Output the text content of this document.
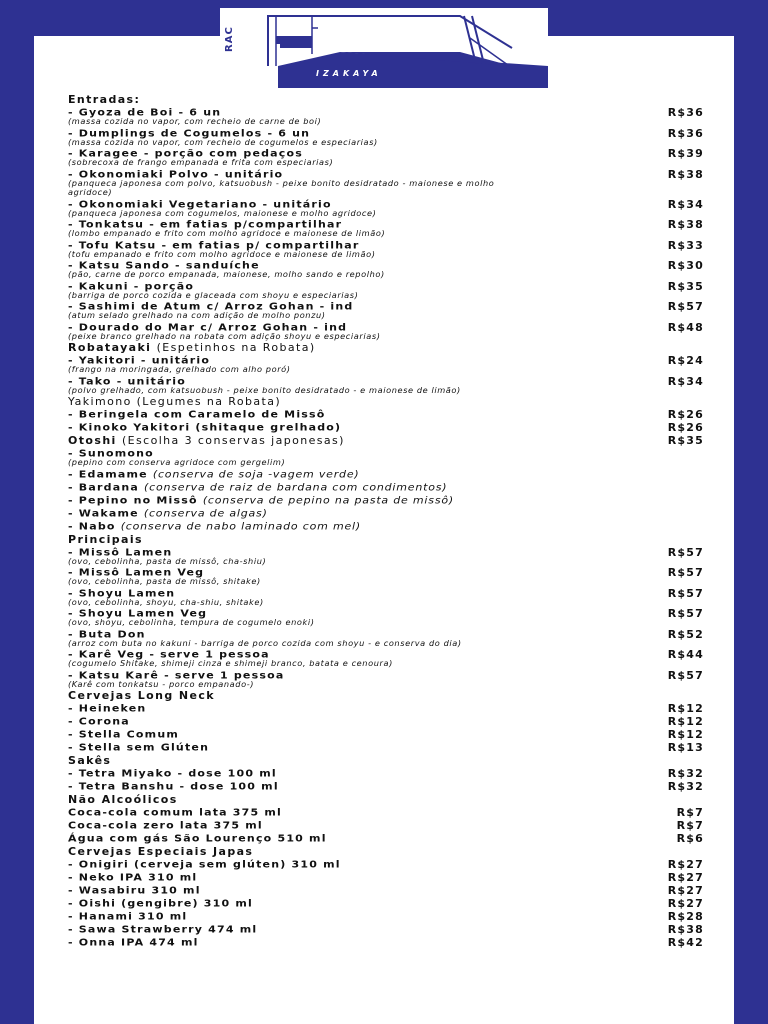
IZAKAYA
RAC
Entradas:
- Gyoza de Boi - 6 un	R$36
(massa cozida no vapor, com recheio de carne de boi)
- Dumplings de Cogumelos - 6 un	R$36
(massa cozida no vapor, com recheio de cogumelos e especiarias)
- Karagee - porção com pedaços	R$39
(sobrecoxa de frango empanada e frita com especiarias)
- Okonomiaki Polvo - unitário	R$38
(panqueca japonesa com polvo, katsuobush - peixe bonito desidratado - maionese e molho agridoce)
- Okonomiaki Vegetariano - unitário	R$34
(panqueca japonesa com cogumelos, maionese e molho agridoce)
- Tonkatsu - em fatias p/compartilhar	R$38
(lombo empanado e frito com molho agridoce e maionese de limão)
- Tofu Katsu - em fatias p/ compartilhar	R$33
(tofu empanado e frito com molho agridoce e maionese de limão)
- Katsu Sando - sanduíche	R$30
(pão, carne de porco empanada, maionese, molho sando e repolho)
- Kakuni - porção	R$35
(barriga de porco cozida e glaceada com shoyu e especiarias)
- Sashimi de Atum c/ Arroz Gohan - ind	R$57
(atum selado grelhado na com adição de molho ponzu)
- Dourado do Mar c/ Arroz Gohan - ind	R$48
(peixe branco grelhado na robata com adição shoyu e especiarias)
Robatayaki (Espetinhos na Robata)
- Yakitori - unitário	R$24
(frango na moringada, grelhado com alho poró)
- Tako - unitário	R$34
(polvo grelhado, com katsuobush - peixe bonito desidratado - e maionese de limão)
Yakimono (Legumes na Robata)
- Beringela com Caramelo de Missô	R$26
- Kinoko Yakitori (shitaque grelhado)	R$26
Otoshi (Escolha 3 conservas japonesas)	R$35
- Sunomono
(pepino com conserva agridoce com gergelim)
- Edamame (conserva de soja -vagem verde)
- Bardana (conserva de raiz de bardana com condimentos)
- Pepino no Missô (conserva de pepino na pasta de missô)
- Wakame (conserva de algas)
- Nabo (conserva de nabo laminado com mel)
Principais
- Missô Lamen	R$57
(ovo, cebolinha, pasta de missô, cha-shiu)
- Missô Lamen Veg	R$57
(ovo, cebolinha, pasta de missô, shitake)
- Shoyu Lamen	R$57
(ovo, cebolinha, shoyu, cha-shiu, shitake)
- Shoyu Lamen Veg	R$57
(ovo, shoyu, cebolinha, tempura de cogumelo enoki)
- Buta Don	R$52
(arroz com buta no kakuni - barriga de porco cozida com shoyu - e conserva do dia)
- Karê Veg - serve 1 pessoa	R$44
(cogumelo Shitake, shimeji cinza e shimeji branco, batata e cenoura)
- Katsu Karê - serve 1 pessoa	R$57
(Karê com tonkatsu - porco empanado-)
Cervejas Long Neck
- Heineken	R$12
- Corona	R$12
- Stella Comum	R$12
- Stella sem Glúten	R$13
Sakês
- Tetra Miyako - dose 100 ml	R$32
- Tetra Banshu - dose 100 ml	R$32
Não Alcoólicos
Coca-cola comum lata 375 ml	R$7
Coca-cola zero lata 375 ml	R$7
Água com gás São Lourenço 510 ml	R$6
Cervejas Especiais Japas
- Onigiri (cerveja sem glúten) 310 ml	R$27
- Neko IPA 310 ml	R$27
- Wasabiru 310 ml	R$27
- Oishi (gengibre) 310 ml	R$27
- Hanami 310 ml	R$28
- Sawa Strawberry 474 ml	R$38
- Onna IPA 474 ml	R$42
